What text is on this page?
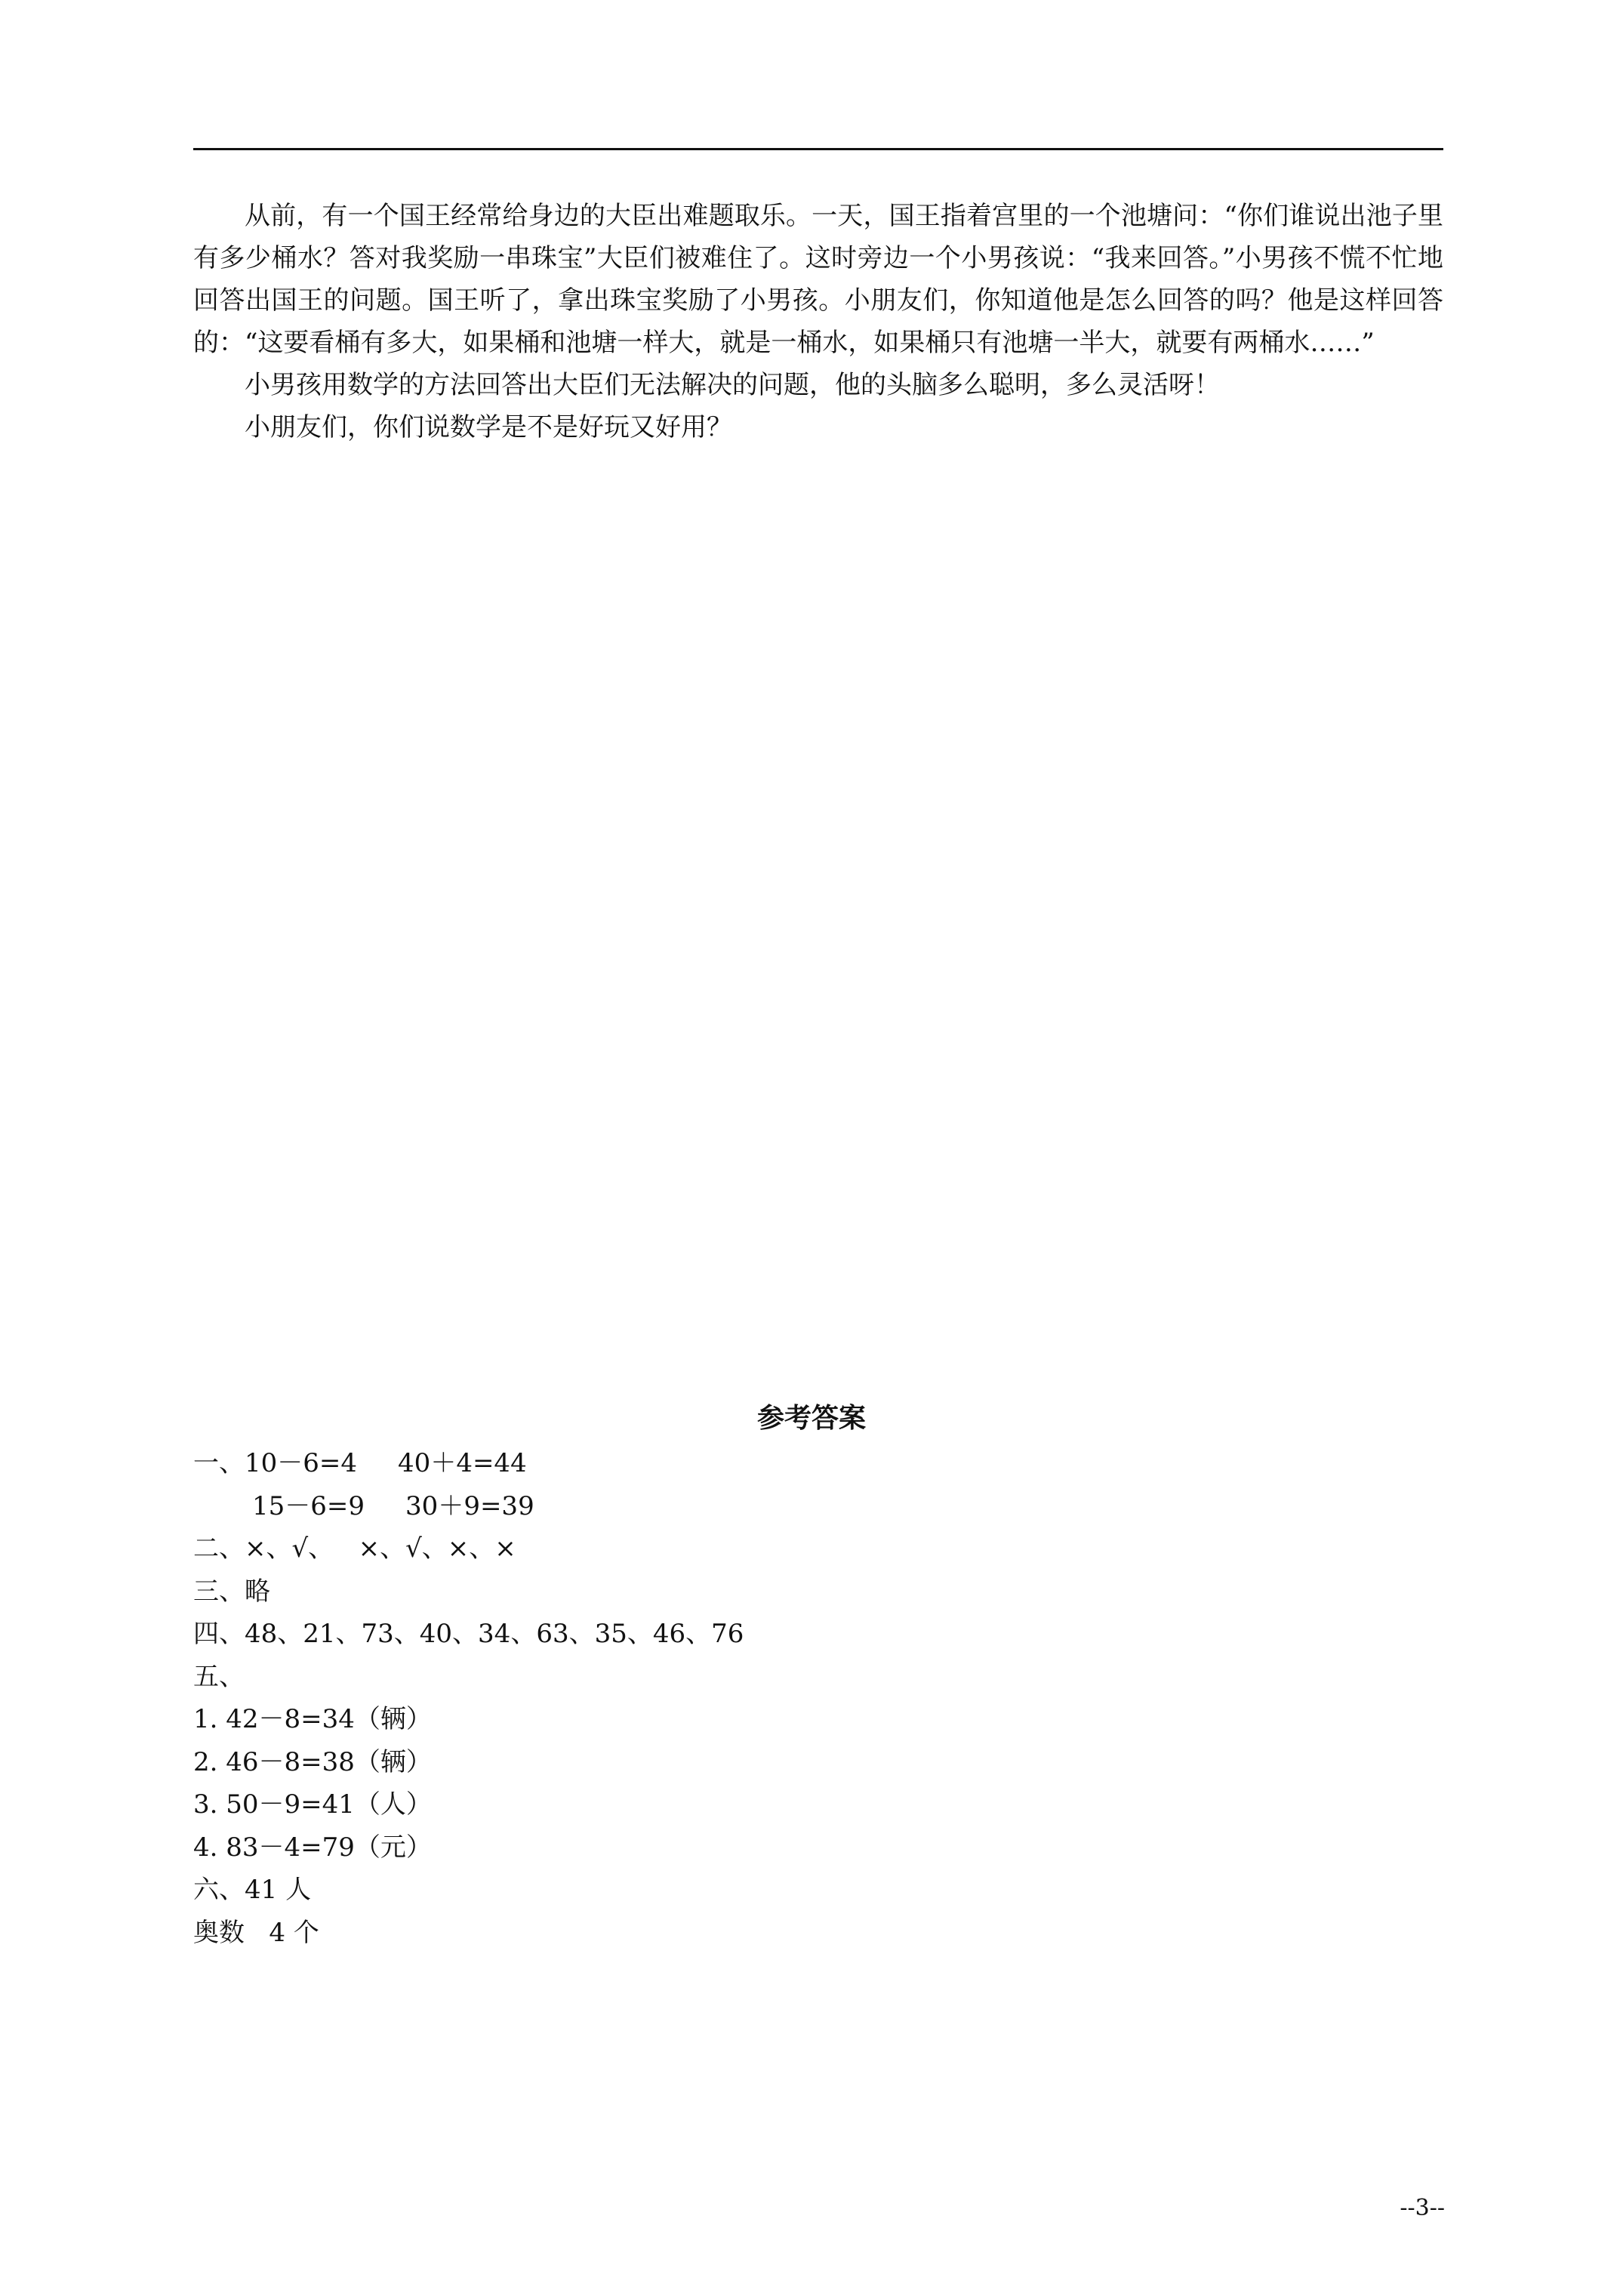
从前，有一个国王经常给身边的大臣出难题取乐。一天，国王指着宫里的一个池塘问：“你们谁说出池子里有多少桶水？答对我奖励一串珠宝”大臣们被难住了。这时旁边一个小男孩说：“我来回答。”小男孩不慌不忙地回答出国王的问题。国王听了，拿出珠宝奖励了小男孩。小朋友们，你知道他是怎么回答的吗？他是这样回答的：“这要看桶有多大，如果桶和池塘一样大，就是一桶水，如果桶只有池塘一半大，就要有两桶水……”

小男孩用数学的方法回答出大臣们无法解决的问题，他的头脑多么聪明，多么灵活呀！

小朋友们，你们说数学是不是好玩又好用？

参考答案
一、10－6=4     40＋4=44
15－6=9     30＋9=39
二、×、√、   ×、√、×、×
三、略
四、48、21、73、40、34、63、35、46、76
五、
1. 42－8=34（辆）
2. 46－8=38（辆）
3. 50－9=41（人）
4. 83－4=79（元）
六、41 人
奥数   4 个
--3--
